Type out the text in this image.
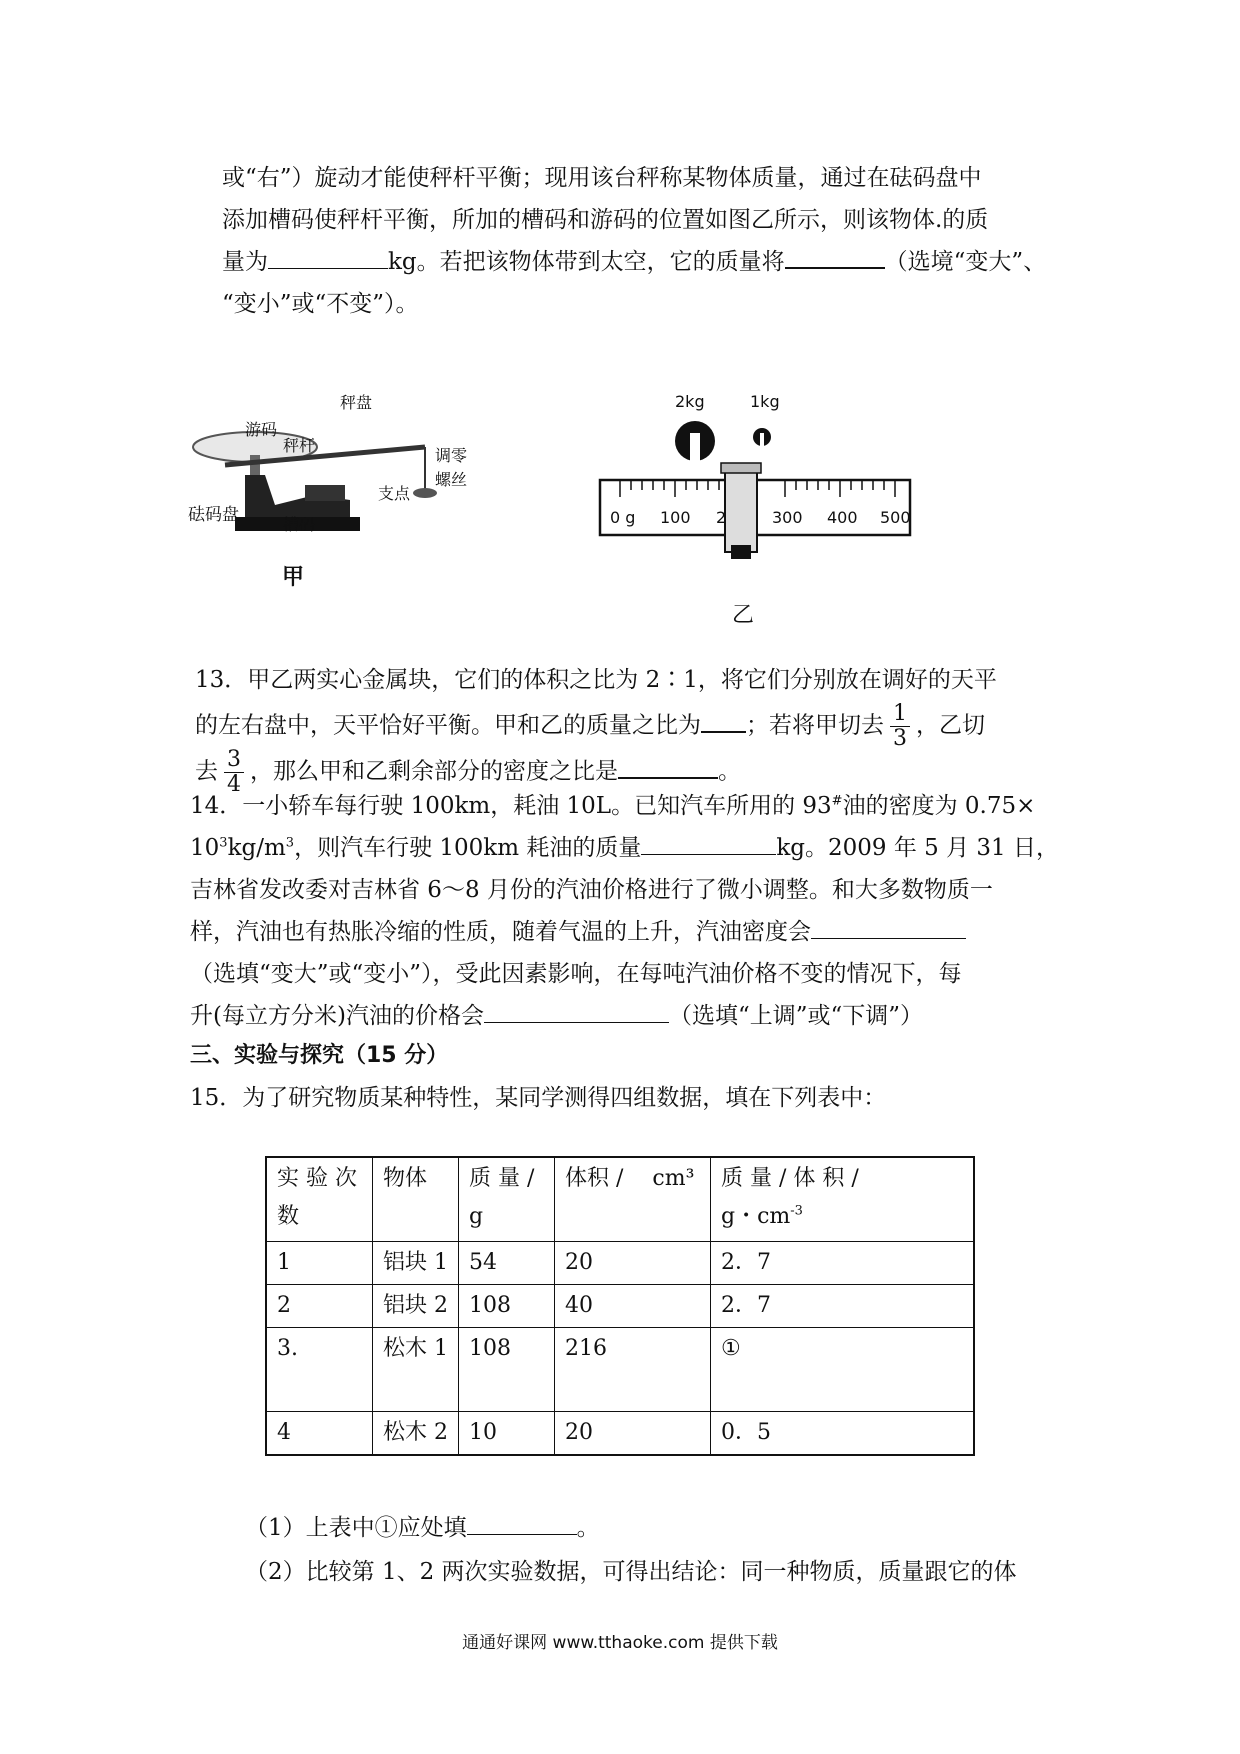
或“右”）旋动才能使秤杆平衡；现用该台秤称某物体质量，通过在砝码盘中
添加槽码使秤杆平衡，所加的槽码和游码的位置如图乙所示，则该物体.的质
量为	kg。若把该物体带到太空，它的质量将	（选境“变大”、
“变小”或“不变”）。
秤盘
游码
秤杆
调零
螺丝
支点
槽码
砝码盘
甲
2kg	1kg
0 g 100 2	300 400 500
乙
13．甲乙两实心金属块，它们的体积之比为 2∶1，将它们分别放在调好的天平
的左右盘中，天平恰好平衡。甲和乙的质量之比为 ；若将甲切去 $\frac{1}{3}$ ，乙切
去 $\frac{3}{4}$ ，那么甲和乙剩余部分的密度之比是	。
14．一小轿车每行驶 100km，耗油 10L。已知汽车所用的 93#油的密度为 0.75×
$10^3kg/m^3$，则汽车行驶 100km 耗油的质量	kg。2009 年 5 月 31 日，
吉林省发改委对吉林省 6～8 月份的汽油价格进行了微小调整。和大多数物质一
样，汽油也有热胀冷缩的性质，随着气温的上升，汽油密度会
（选填“变大”或“变小”），受此因素影响，在每吨汽油价格不变的情况下，每
升(每立方分米)汽油的价格会	（选填“上调”或“下调”）
三、实验与探究（15 分）
15．为了研究物质某种特性，某同学测得四组数据，填在下列表中：
实 验 次 数	物体	质 量 / g	体积 /　 cm³	质 量 / 体 积 /
g・$cm^{-3}$

1	铝块 1	54	20	2．7
2	铝块 2	108	40	2．7
3.	松木 1	108	216	①
4	松木 2	10	20	0．5
（1）上表中①应处填	。
（2）比较第 1、2 两次实验数据，可得出结论：同一种物质，质量跟它的体
通通好课网 www.tthaoke.com 提供下载
